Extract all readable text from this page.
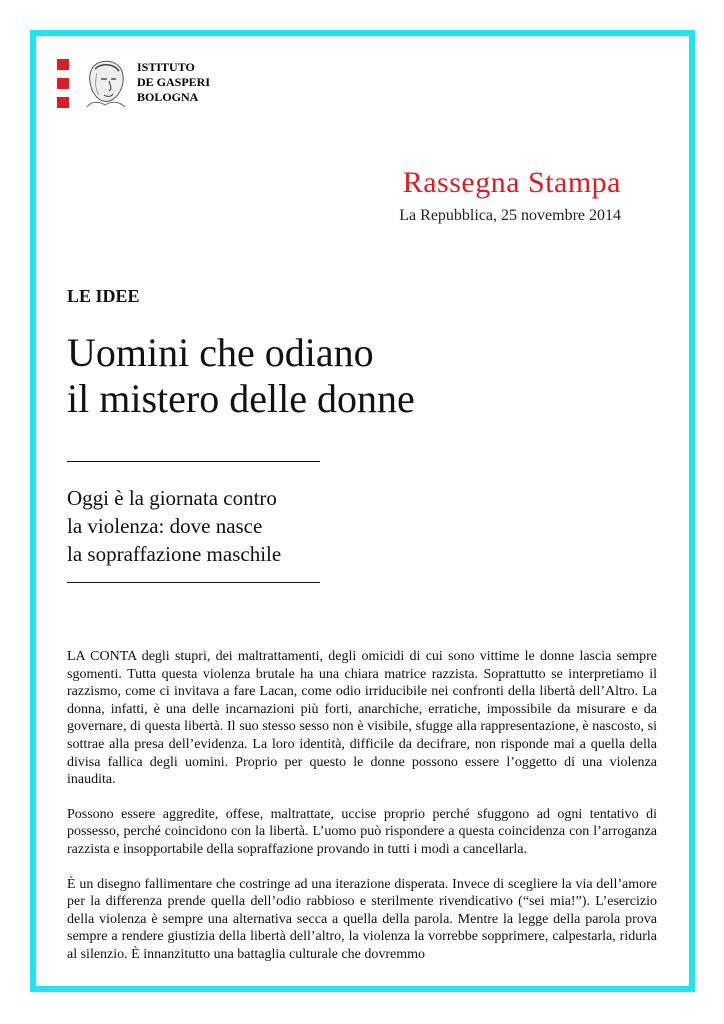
ISTITUTO
DE GASPERI
BOLOGNA
Rassegna Stampa
La Repubblica, 25 novembre 2014
LE IDEE
Uomini che odiano
il mistero delle donne
Oggi è la giornata contro
la violenza: dove nasce
la sopraffazione maschile

LA CONTA degli stupri, dei maltrattamenti, degli omicidi di cui sono vittime le donne lascia sempre sgomenti. Tutta questa violenza brutale ha una chiara matrice razzista. Soprattutto se interpretiamo il razzismo, come ci invitava a fare Lacan, come odio irriducibile nei confronti della libertà dell’Altro. La donna, infatti, è una delle incarnazioni più forti, anarchiche, erratiche, impossibile da misurare e da governare, di questa libertà. Il suo stesso sesso non è visibile, sfugge alla rappresentazione, è nascosto, si sottrae alla presa dell’evidenza. La loro identità, difficile da decifrare, non risponde mai a quella della divisa fallica degli uomini. Proprio per questo le donne possono essere l’oggetto di una violenza inaudita.

Possono essere aggredite, offese, maltrattate, uccise proprio perché sfuggono ad ogni tentativo di possesso, perché coincidono con la libertà. L’uomo può rispondere a questa coincidenza con l’arroganza razzista e insopportabile della sopraffazione provando in tutti i modi a cancellarla.

È un disegno fallimentare che costringe ad una iterazione disperata. Invece di scegliere la via dell’amore per la differenza prende quella dell’odio rabbioso e sterilmente rivendicativo (“sei mia!”). L’esercizio della violenza è sempre una alternativa secca a quella della parola. Mentre la legge della parola prova sempre a rendere giustizia della libertà dell’altro, la violenza la vorrebbe sopprimere, calpestarla, ridurla al silenzio. È innanzitutto una battaglia culturale che dovremmo
